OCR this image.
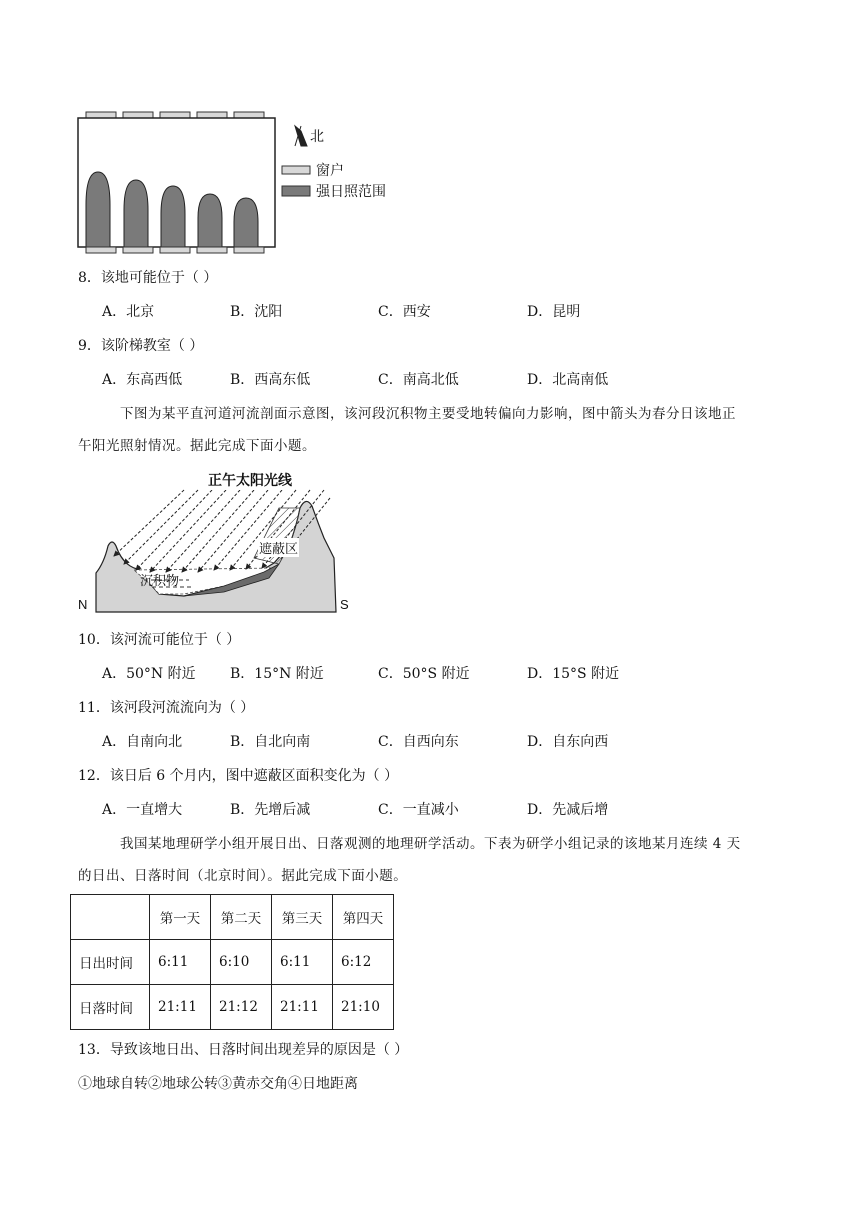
北
窗户
强日照范围
8．该地可能位于（ ）
A．北京	B．沈阳	C．西安	D．昆明
9．该阶梯教室（ ）
A．东高西低	B．西高东低	C．南高北低	D．北高南低
下图为某平直河道河流剖面示意图，该河段沉积物主要受地转偏向力影响，图中箭头为春分日该地正
午阳光照射情况。据此完成下面小题。
正午太阳光线
遮蔽区
沉积物
N	S
10．该河流可能位于（ ）
A．50°N 附近 B．15°N 附近	C．50°S 附近	D．15°S 附近
11．该河段河流流向为（ ）
A．自南向北	B．自北向南	C．自西向东	D．自东向西
12．该日后 6 个月内，图中遮蔽区面积变化为（ ）
A．一直增大	B．先增后减	C．一直减小	D．先减后增
我国某地理研学小组开展日出、日落观测的地理研学活动。下表为研学小组记录的该地某月连续 4 天
的日出、日落时间（北京时间）。据此完成下面小题。
	第一天	第二天	第三天	第四天
日出时间	6:11	6:10	6:11	6:12
日落时间	21:11	21:12	21:11	21:10
13．导致该地日出、日落时间出现差异的原因是（ ）
①地球自转②地球公转③黄赤交角④日地距离
